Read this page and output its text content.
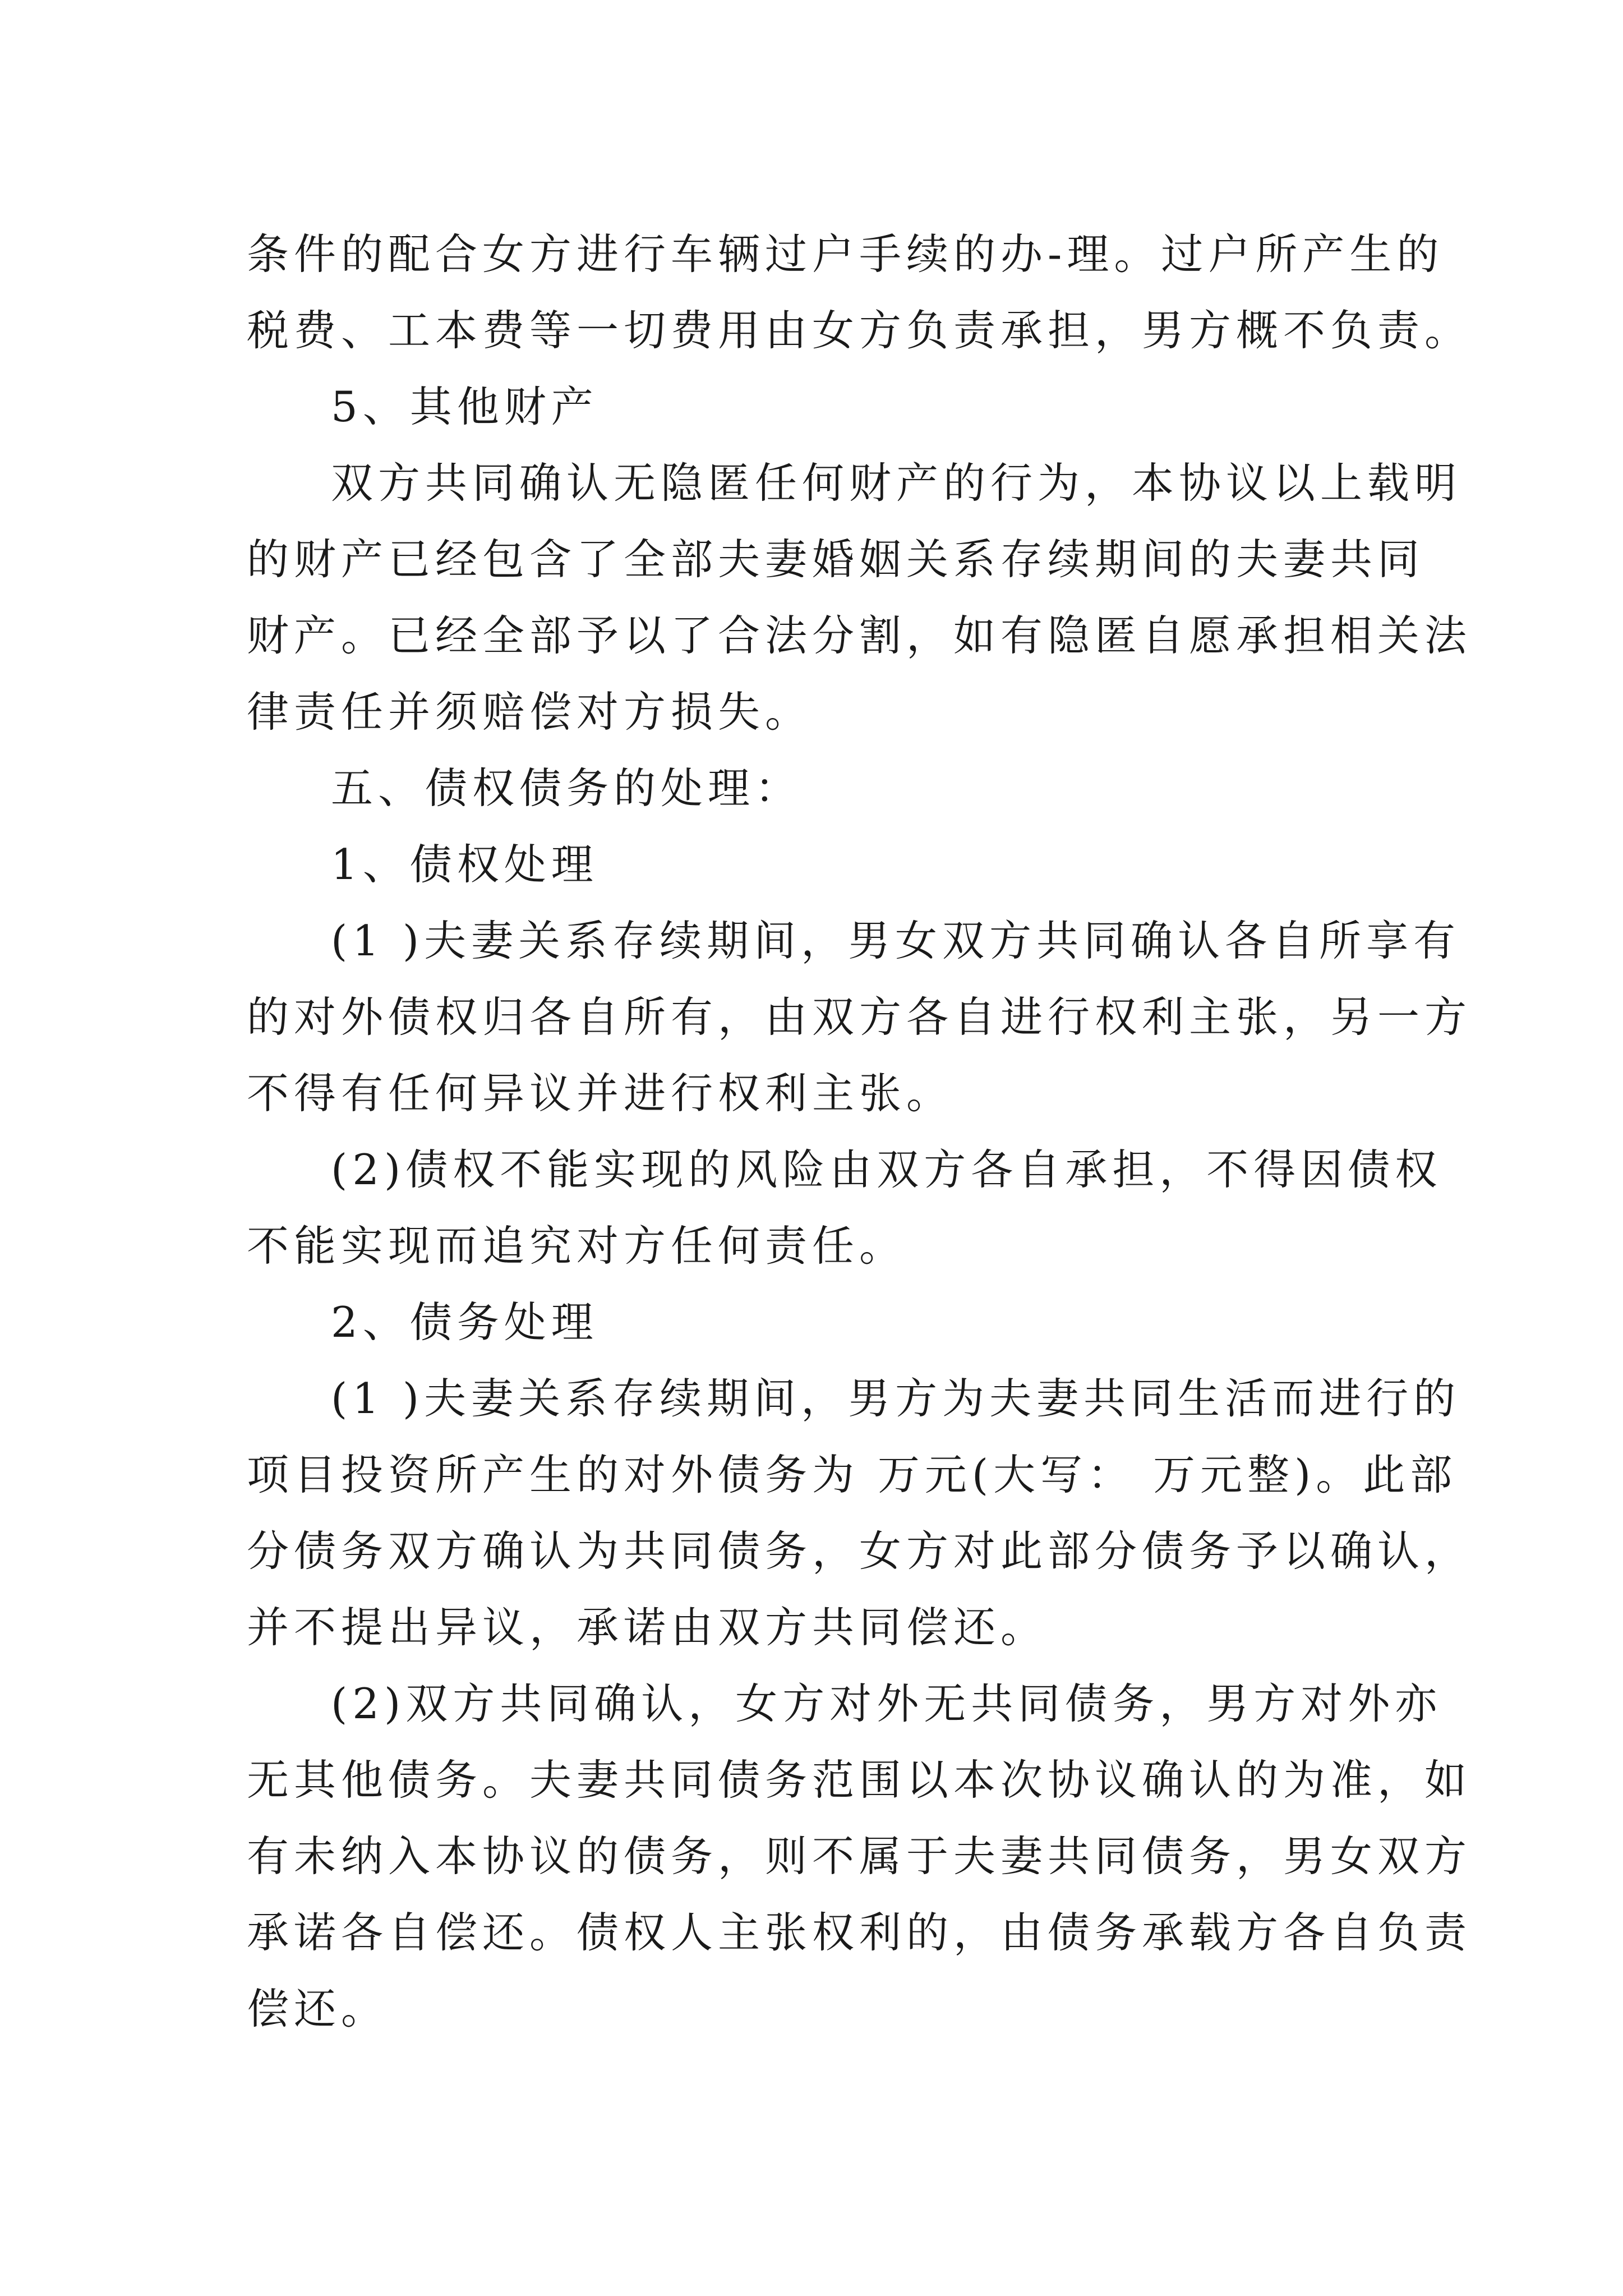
条件的配合女方进行车辆过户手续的办-理。过户所产生的
税费、工本费等一切费用由女方负责承担，男方概不负责。
5、其他财产
双方共同确认无隐匿任何财产的行为，本协议以上载明
的财产已经包含了全部夫妻婚姻关系存续期间的夫妻共同
财产。已经全部予以了合法分割，如有隐匿自愿承担相关法
律责任并须赔偿对方损失。
五、债权债务的处理：
1、债权处理
(1 )夫妻关系存续期间，男女双方共同确认各自所享有
的对外债权归各自所有，由双方各自进行权利主张，另一方
不得有任何异议并进行权利主张。
(2)债权不能实现的风险由双方各自承担，不得因债权
不能实现而追究对方任何责任。
2、债务处理
(1 )夫妻关系存续期间，男方为夫妻共同生活而进行的
项目投资所产生的对外债务为 万元(大写： 万元整)。此部
分债务双方确认为共同债务，女方对此部分债务予以确认，
并不提出异议，承诺由双方共同偿还。
(2)双方共同确认，女方对外无共同债务，男方对外亦
无其他债务。夫妻共同债务范围以本次协议确认的为准，如
有未纳入本协议的债务，则不属于夫妻共同债务，男女双方
承诺各自偿还。债权人主张权利的，由债务承载方各自负责
偿还。
